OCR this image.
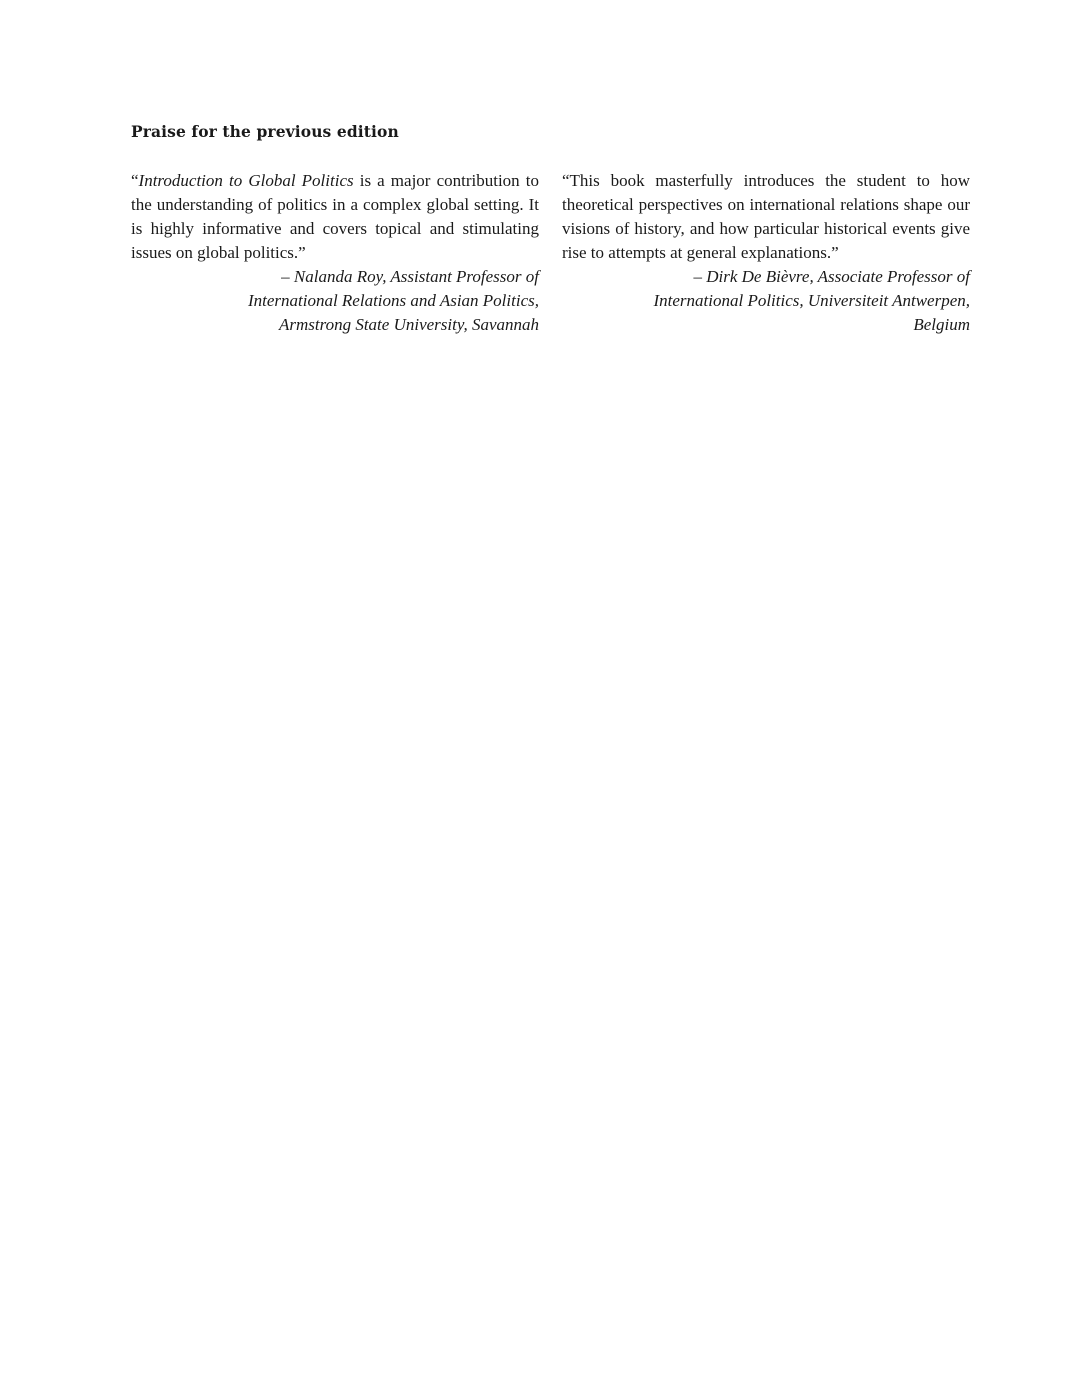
Praise for the previous edition

“Introduction to Global Politics is a major contribution to the understanding of politics in a complex global setting. It is highly informative and covers topical and stimulating issues on global politics.”

– Nalanda Roy, Assistant Professor of
International Relations and Asian Politics,
Armstrong State University, Savannah

“This book masterfully introduces the student to how theoretical perspectives on international relations shape our visions of history, and how particular historical events give rise to attempts at general explanations.”

– Dirk De Bièvre, Associate Professor of
International Politics, Universiteit Antwerpen,
Belgium
